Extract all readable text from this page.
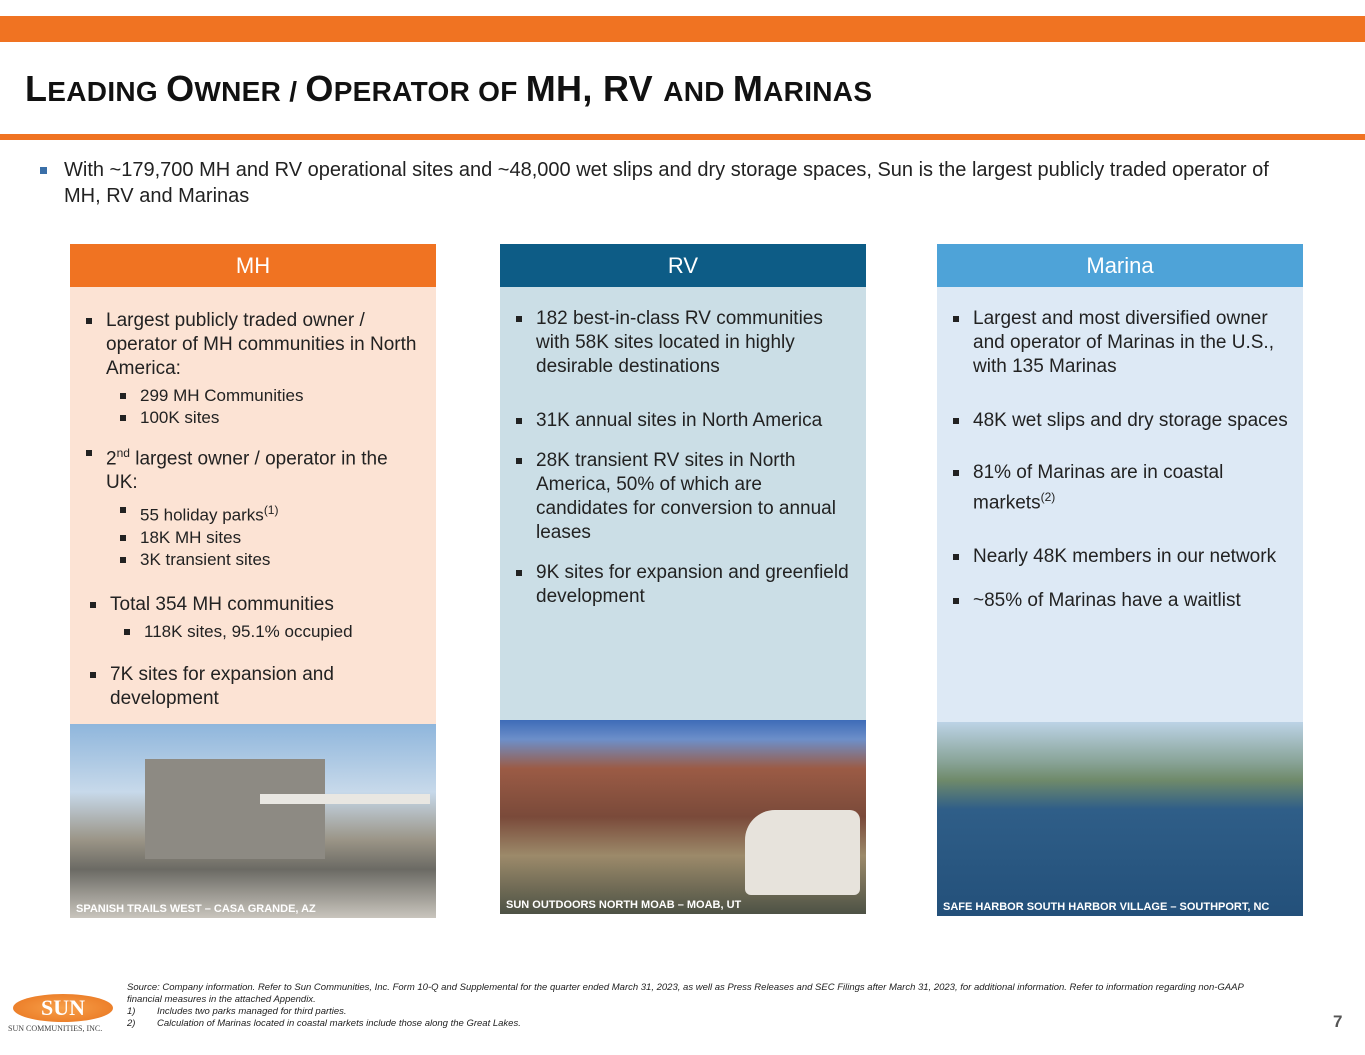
LEADING OWNER / OPERATOR OF MH, RV AND MARINAS
With ~179,700 MH and RV operational sites and ~48,000 wet slips and dry storage spaces, Sun is the largest publicly traded operator of MH, RV and Marinas
MH
Largest publicly traded owner / operator of MH communities in North America:
299 MH Communities
100K sites
2nd largest owner / operator in the UK:
55 holiday parks$^{(1)}$
18K MH sites
3K transient sites
Total 354 MH communities
118K sites, 95.1% occupied
7K sites for expansion and development
SPANISH TRAILS WEST – CASA GRANDE, AZ
RV
182 best-in-class RV communities with 58K sites located in highly desirable destinations
31K annual sites in North America
28K transient RV sites in North America, 50% of which are candidates for conversion to annual leases
9K sites for expansion and greenfield development
SUN OUTDOORS NORTH MOAB – MOAB, UT
Marina
Largest and most diversified owner and operator of Marinas in the U.S., with 135 Marinas
48K wet slips and dry storage spaces
81% of Marinas are in coastal markets$^{(2)}$
Nearly 48K members in our network
~85% of Marinas have a waitlist
SAFE HARBOR SOUTH HARBOR VILLAGE – SOUTHPORT, NC
SUN
SUN COMMUNITIES, INC.
Source: Company information. Refer to Sun Communities, Inc. Form 10-Q and Supplemental for the quarter ended March 31, 2023, as well as Press Releases and SEC Filings after March 31, 2023, for additional information. Refer to information regarding non-GAAP financial measures in the attached Appendix.
1)	Includes two parks managed for third parties.
2)	Calculation of Marinas located in coastal markets include those along the Great Lakes.	7
